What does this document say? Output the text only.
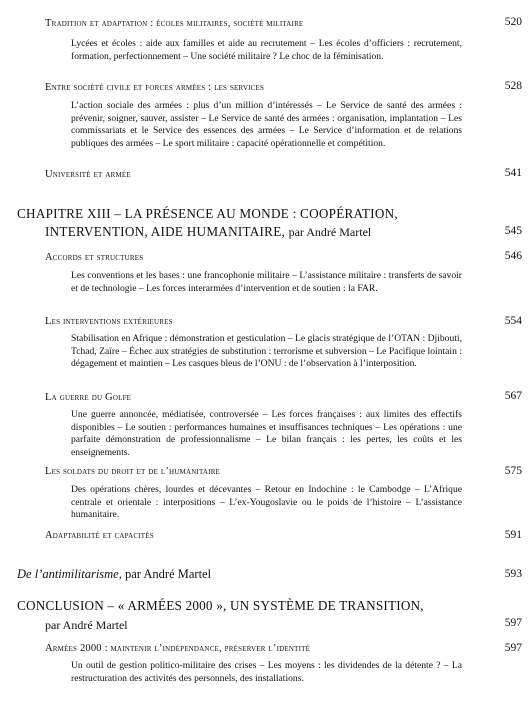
Tradition et adaptation : écoles militaires, société militaire	520
Lycées et écoles : aide aux familles et aide au recrutement – Les écoles d’officiers : recrutement, formation, perfectionnement – Une société militaire ? Le choc de la féminisation.
Entre société civile et forces armées : les services	528
L’action sociale des armées : plus d’un million d’intéressés – Le Service de santé des armées : prévenir, soigner, sauver, assister – Le Service de santé des armées : organisation, implantation – Les commissariats et le Service des essences des armées – Le Service d’information et de relations publiques des armées – Le sport militaire : capacité opérationnelle et compétition.
Université et armée	541
CHAPITRE XIII – LA PRÉSENCE AU MONDE : COOPÉRATION,
INTERVENTION, AIDE HUMANITAIRE, par André Martel	545
Accords et structures	546
Les conventions et les bases : une francophonie militaire – L’assistance militaire : transferts de savoir et de technologie – Les forces interarmées d’intervention et de soutien : la FAR.
Les interventions extérieures	554
Stabilisation en Afrique : démonstration et gesticulation – Le glacis stratégique de l’OTAN : Djibouti, Tchad, Zaïre – Échec aux stratégies de substitution : terrorisme et subversion – Le Pacifique lointain : dégagement et maintien – Les casques bleus de l’ONU : de l’observation à l’interposition.
La guerre du Golfe	567
Une guerre annoncée, médiatisée, controversée – Les forces françaises : aux limites des effectifs disponibles – Le soutien : performances humaines et insuffisances techniques – Les opérations : une parfaite démonstration de professionnalisme – Le bilan français : les pertes, les coûts et les enseignements.
Les soldats du droit et de l’humanitaire	575
Des opérations chères, lourdes et décevantes – Retour en Indochine : le Cambodge – L’Afrique centrale et orientale : interpositions – L’ex-Yougoslavie ou le poids de l’histoire – L’assistance humanitaire.
Adaptabilité et capacités	591
De l’antimilitarisme, par André Martel	593
CONCLUSION – « ARMÉES 2000 », UN SYSTÈME DE TRANSITION,
par André Martel	597
Armées 2000 : maintenir l’indépendance, préserver l’identité	597
Un outil de gestion politico-militaire des crises – Les moyens : les dividendes de la détente ? – La restructuration des activités des personnels, des installations.
